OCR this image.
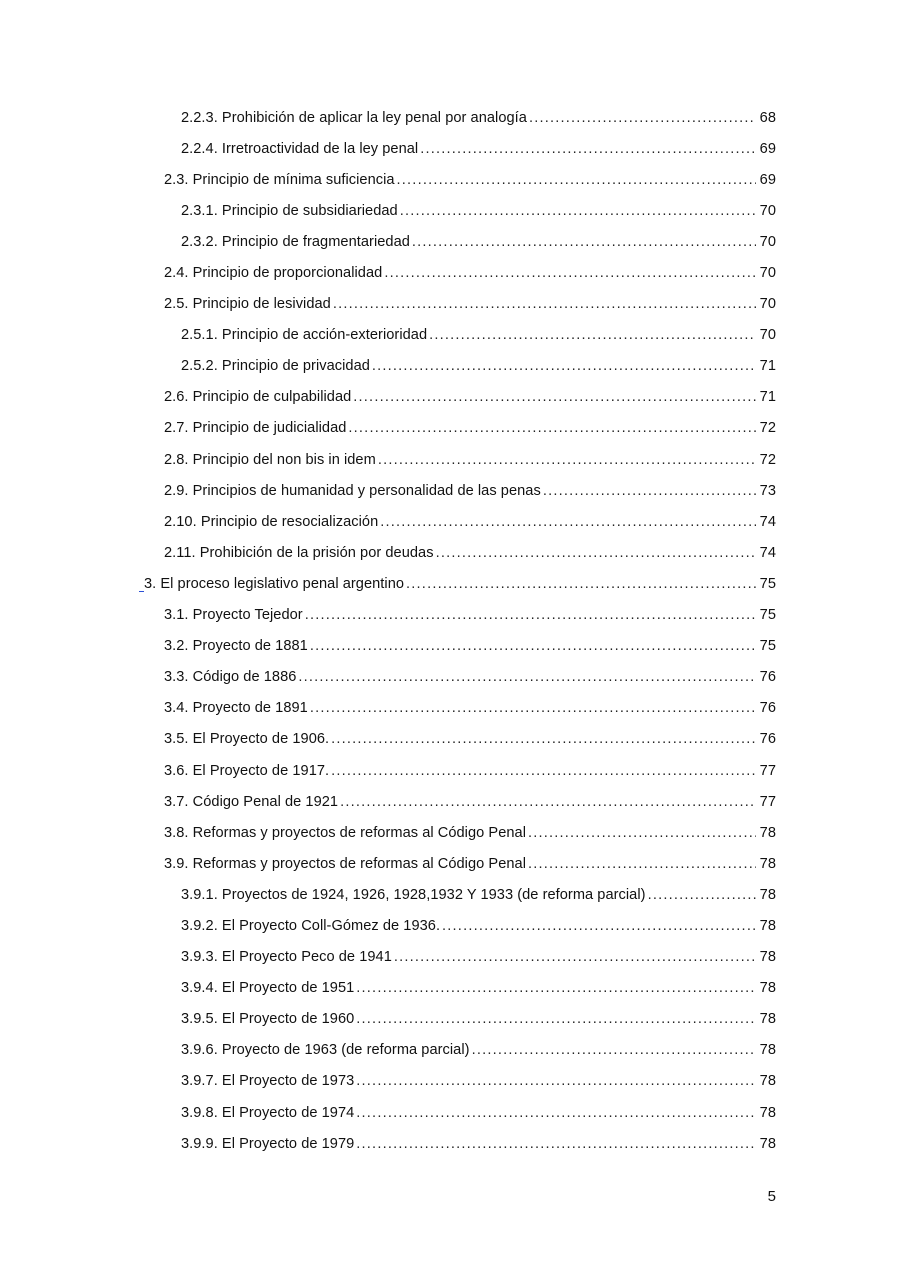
2.2.3. Prohibición de aplicar la ley penal por analogía .....	68
2.2.4. Irretroactividad de la ley penal .....	69
2.3. Principio de mínima suficiencia .....	69
2.3.1. Principio de subsidiariedad .....	70
2.3.2. Principio de fragmentariedad .....	70
2.4. Principio de proporcionalidad .....	70
2.5. Principio de lesividad .....	70
2.5.1. Principio de acción-exterioridad .....	70
2.5.2. Principio de privacidad .....	71
2.6. Principio de culpabilidad .....	71
2.7. Principio de judicialidad .....	72
2.8. Principio del non bis in idem .....	72
2.9. Principios de humanidad y personalidad de las penas .....	73
2.10. Principio de resocialización .....	74
2.11. Prohibición de la prisión por deudas .....	74
3. El proceso legislativo penal argentino .....	75
3.1. Proyecto Tejedor .....	75
3.2. Proyecto de 1881 .....	75
3.3. Código de 1886 .....	76
3.4. Proyecto de 1891 .....	76
3.5. El Proyecto de 1906. .....	76
3.6. El Proyecto de 1917. .....	77
3.7. Código Penal de 1921 .....	77
3.8. Reformas y proyectos de reformas al Código Penal .....	78
3.9. Reformas y proyectos de reformas al Código Penal .....	78
3.9.1. Proyectos de 1924, 1926, 1928,1932 Y 1933 (de reforma parcial) .....	78
3.9.2. El Proyecto Coll-Gómez de 1936. .....	78
3.9.3. El Proyecto Peco de 1941 .....	78
3.9.4. El Proyecto de 1951 .....	78
3.9.5. El Proyecto de 1960 .....	78
3.9.6. Proyecto de 1963 (de reforma parcial) .....	78
3.9.7. El Proyecto de 1973 .....	78
3.9.8. El Proyecto de 1974 .....	78
3.9.9. El Proyecto de 1979 .....	78
5
